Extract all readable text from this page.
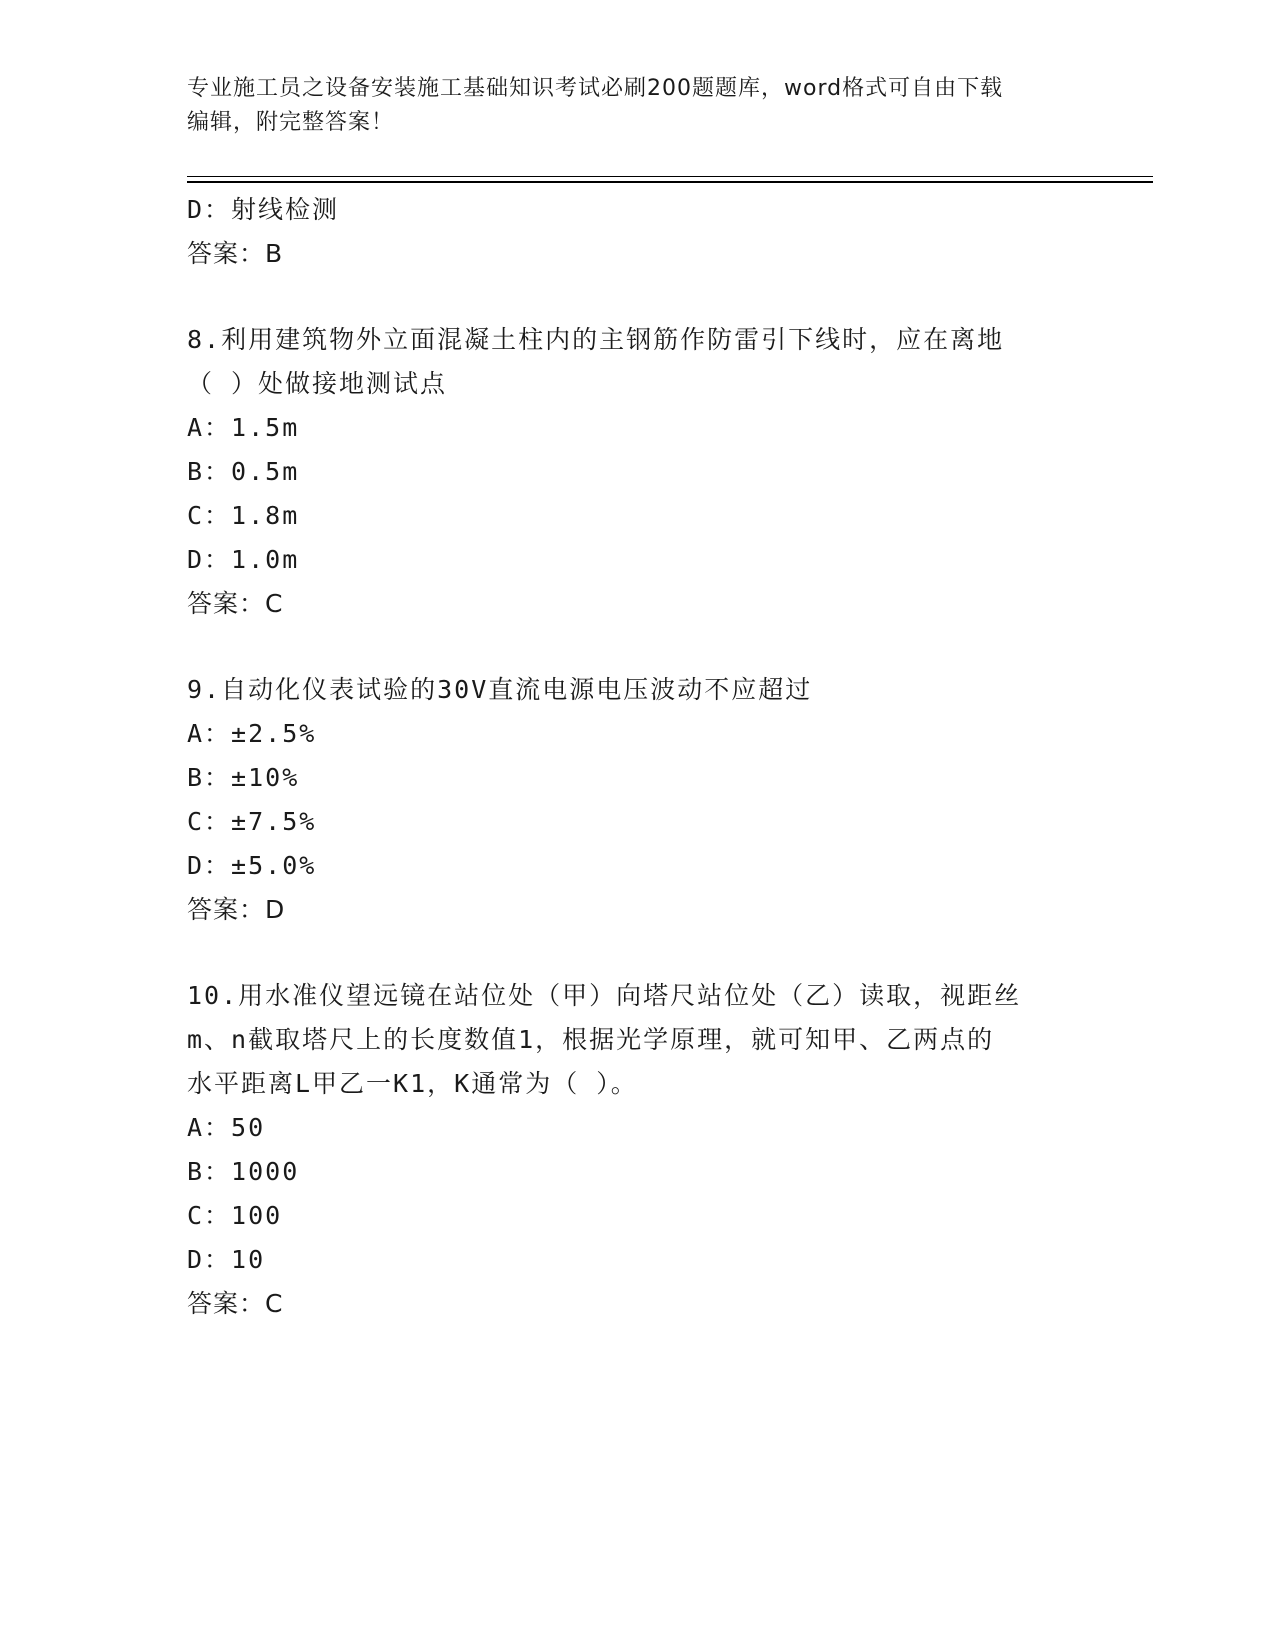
专业施工员之设备安装施工基础知识考试必刷200题题库，word格式可自由下载
编辑，附完整答案！
D：射线检测
答案：B
8.利用建筑物外立面混凝土柱内的主钢筋作防雷引下线时，应在离地
（ ）处做接地测试点
A：1.5m
B：0.5m
C：1.8m
D：1.0m
答案：C
9.自动化仪表试验的30V直流电源电压波动不应超过
A：±2.5%
B：±10%
C：±7.5%
D：±5.0%
答案：D
10.用水准仪望远镜在站位处（甲）向塔尺站位处（乙）读取，视距丝
m、n截取塔尺上的长度数值1，根据光学原理，就可知甲、乙两点的
水平距离L甲乙一K1，K通常为（ ）。
A：50
B：1000
C：100
D：10
答案：C
